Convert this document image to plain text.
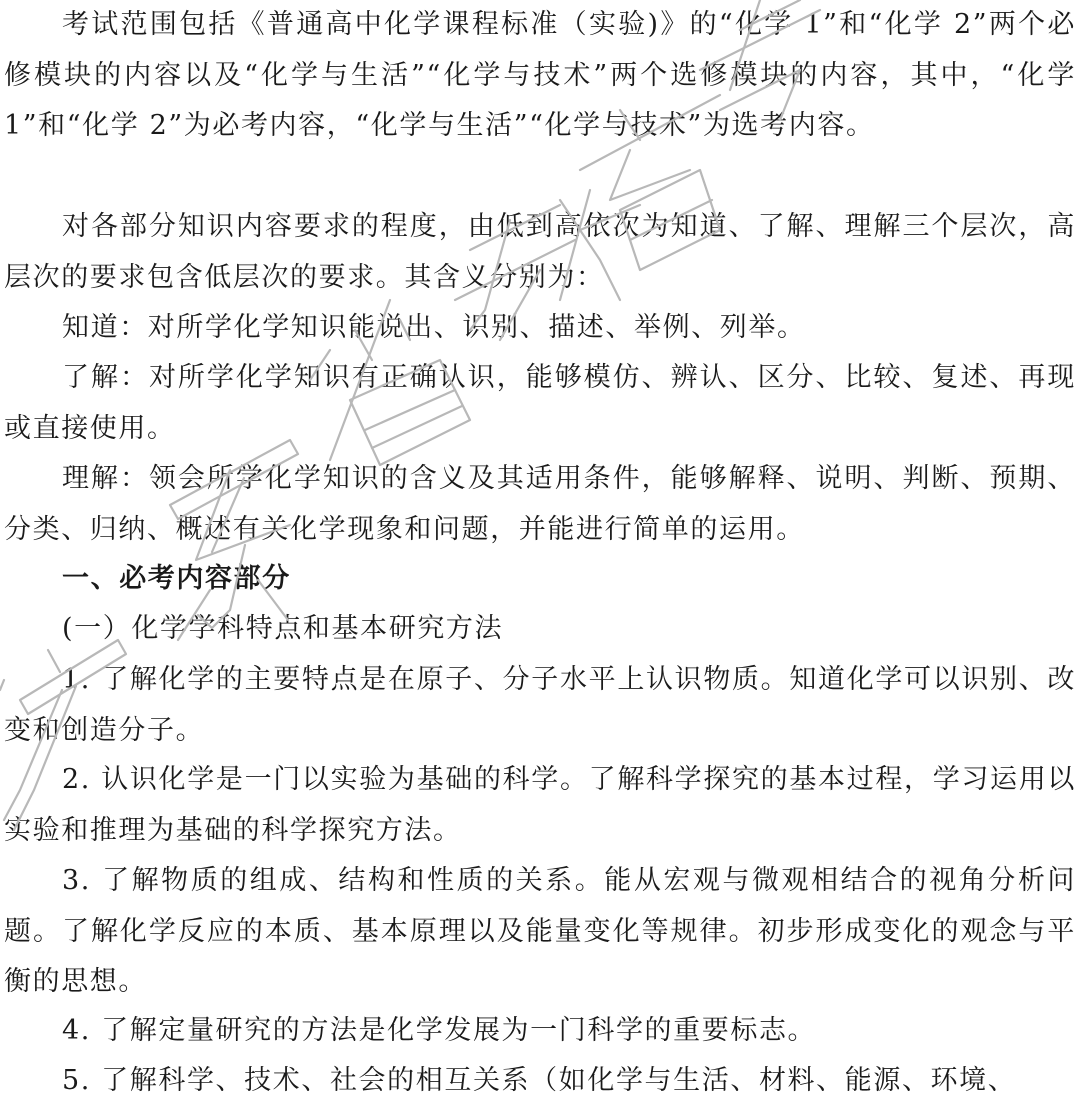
考试范围包括《普通高中化学课程标准（实验)》的“化学 1”和“化学 2”两个必修模块的内容以及“化学与生活”“化学与技术”两个选修模块的内容，其中，“化学 1”和“化学 2”为必考内容，“化学与生活”“化学与技术”为选考内容。

对各部分知识内容要求的程度，由低到高依次为知道、了解、理解三个层次，高层次的要求包含低层次的要求。其含义分别为：

知道：对所学化学知识能说出、识别、描述、举例、列举。

了解：对所学化学知识有正确认识，能够模仿、辨认、区分、比较、复述、再现或直接使用。

理解：领会所学化学知识的含义及其适用条件，能够解释、说明、判断、预期、分类、归纳、概述有关化学现象和问题，并能进行简单的运用。

一、必考内容部分

(一）化学学科特点和基本研究方法

1. 了解化学的主要特点是在原子、分子水平上认识物质。知道化学可以识别、改变和创造分子。

2. 认识化学是一门以实验为基础的科学。了解科学探究的基本过程，学习运用以实验和推理为基础的科学探究方法。

3. 了解物质的组成、结构和性质的关系。能从宏观与微观相结合的视角分析问题。了解化学反应的本质、基本原理以及能量变化等规律。初步形成变化的观念与平衡的思想。

4. 了解定量研究的方法是化学发展为一门科学的重要标志。

5. 了解科学、技术、社会的相互关系（如化学与生活、材料、能源、环境、
